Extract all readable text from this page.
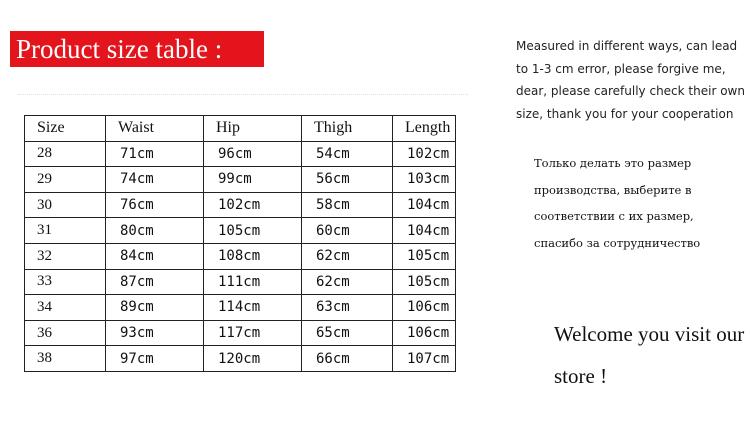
Product size table :
Size	Waist	Hip	Thigh	Length
28	71cm	96cm	54cm	102cm
29	74cm	99cm	56cm	103cm
30	76cm	102cm	58cm	104cm
31	80cm	105cm	60cm	104cm
32	84cm	108cm	62cm	105cm
33	87cm	111cm	62cm	105cm
34	89cm	114cm	63cm	106cm
36	93cm	117cm	65cm	106cm
38	97cm	120cm	66cm	107cm
Measured in different ways, can lead to 1-3 cm error, please forgive me, dear, please carefully check their own size, thank you for your cooperation
Только делать это размер производства, выберите в соответствии с их размер, спасибо за сотрудничество
Welcome you visit our store !
